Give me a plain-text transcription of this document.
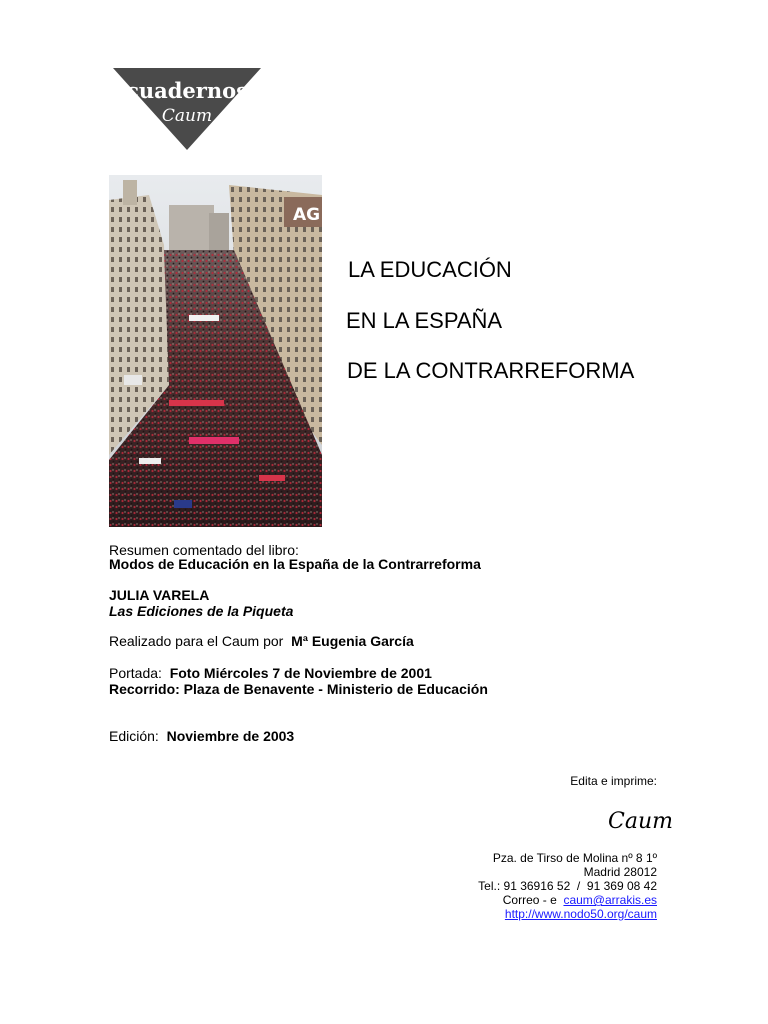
cuadernos
Caum
AG
LA EDUCACIÓN
EN LA ESPAÑA
DE LA CONTRARREFORMA
Resumen comentado del libro:
Modos de Educación en la España de la Contrarreforma
JULIA VARELA
Las Ediciones de la Piqueta
Realizado para el Caum por  Mª Eugenia García
Portada:  Foto Miércoles 7 de Noviembre de 2001
Recorrido: Plaza de Benavente - Ministerio de Educación
Edición:  Noviembre de 2003
Edita e imprime:
Caum
Pza. de Tirso de Molina nº 8 1º
Madrid 28012
Tel.: 91 36916 52  /  91 369 08 42
Correo - e  caum@arrakis.es
http://www.nodo50.org/caum
